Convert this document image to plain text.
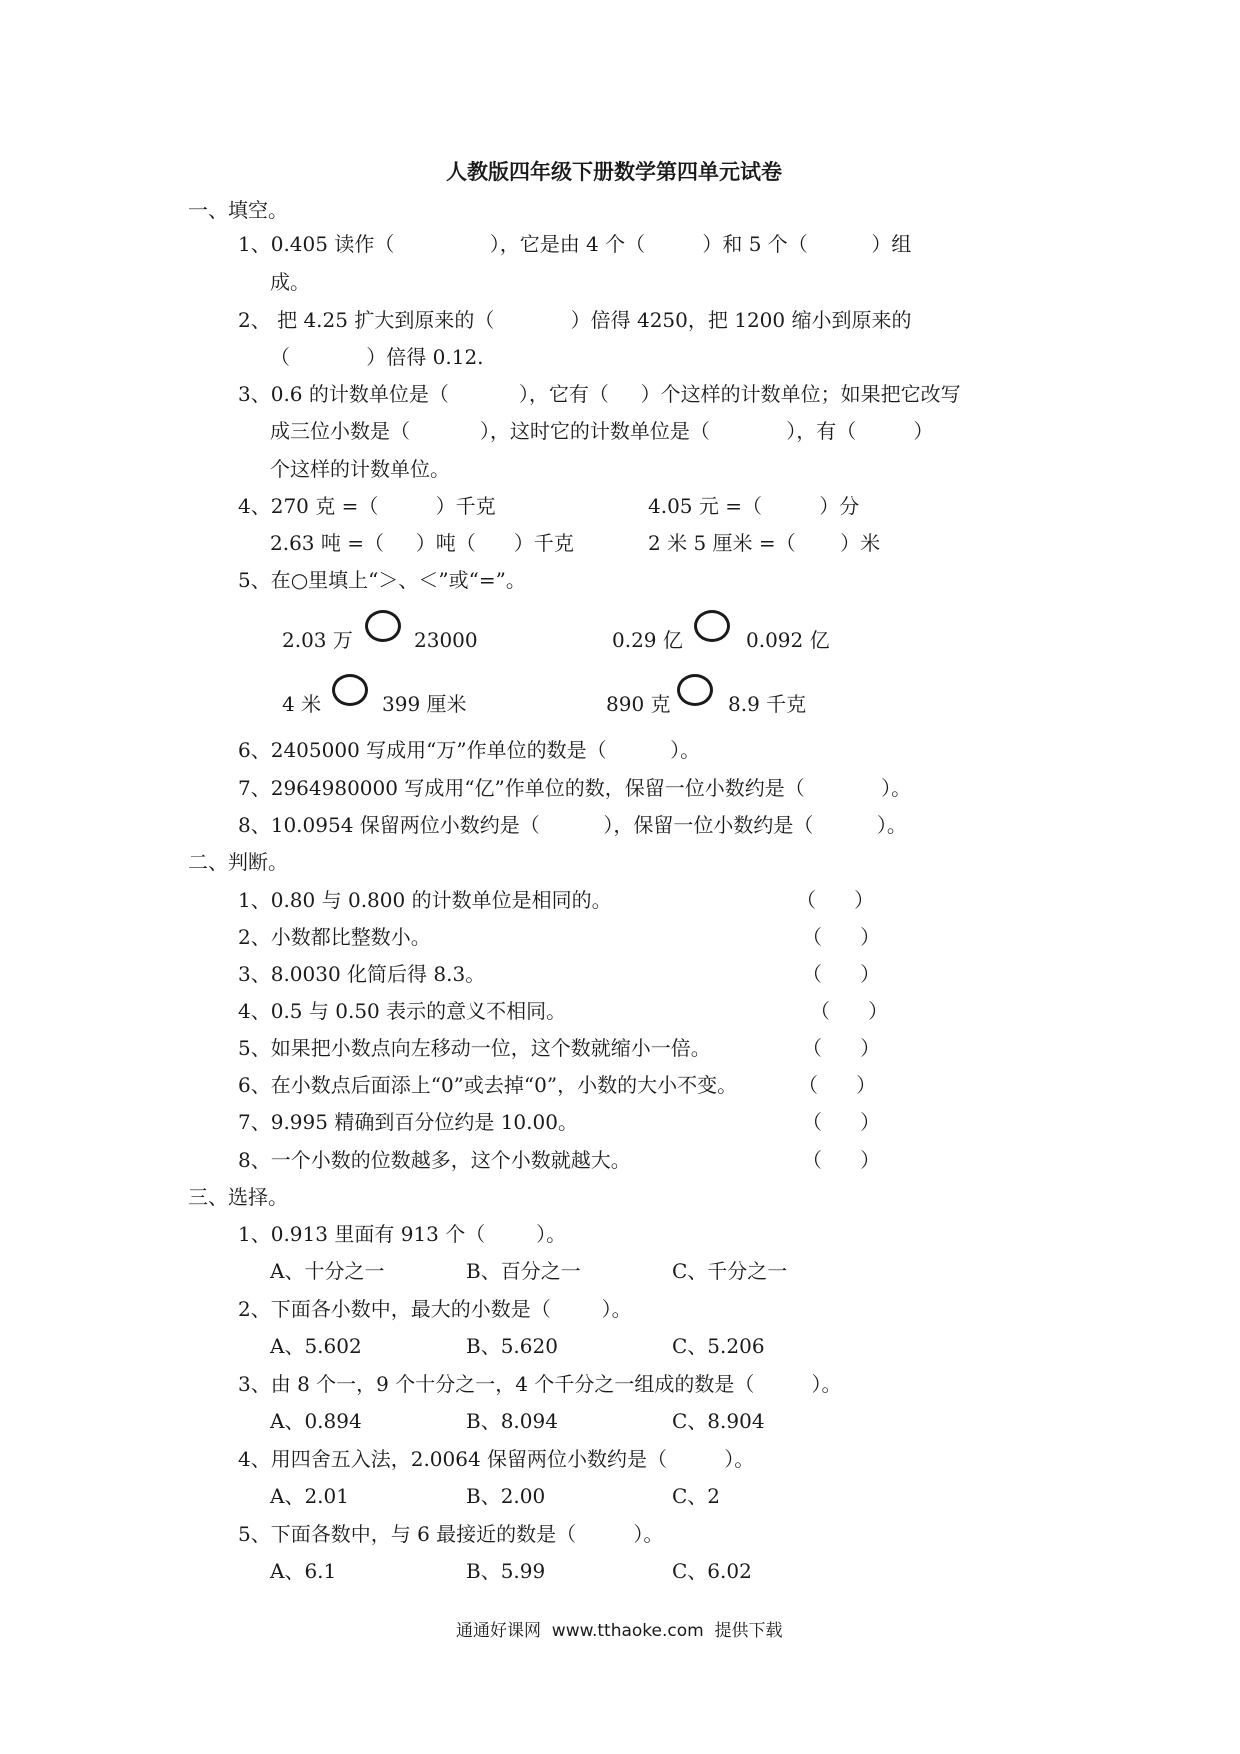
人教版四年级下册数学第四单元试卷
一、填空。
1、0.405 读作（               ），它是由 4 个（         ）和 5 个（          ）组
成。
2、 把 4.25 扩大到原来的（            ）倍得 4250，把 1200 缩小到原来的
（            ）倍得 0.12.
3、0.6 的计数单位是（           ），它有（     ）个这样的计数单位；如果把它改写
成三位小数是（           ），这时它的计数单位是（            ），有（         ）
个这样的计数单位。
4、270 克 =（         ）千克	4.05 元 =（         ）分
2.63 吨 =（     ）吨（      ）千克	2 米 5 厘米 =（       ）米
5、在○里填上“＞、＜”或“=”。
2.03 万	23000	0.29 亿	0.092 亿
4 米	399 厘米	890 克	8.9 千克
6、2405000 写成用“万”作单位的数是（          ）。
7、2964980000 写成用“亿”作单位的数，保留一位小数约是（            ）。
8、10.0954 保留两位小数约是（          ），保留一位小数约是（          ）。
二、判断。
1、0.80 与 0.800 的计数单位是相同的。	（      ）
2、小数都比整数小。	（      ）
3、8.0030 化简后得 8.3。	（      ）
4、0.5 与 0.50 表示的意义不相同。	（      ）
5、如果把小数点向左移动一位，这个数就缩小一倍。	（      ）
6、在小数点后面添上“0”或去掉“0”，小数的大小不变。	（      ）
7、9.995 精确到百分位约是 10.00。	（      ）
8、一个小数的位数越多，这个小数就越大。	（      ）
三、选择。
1、0.913 里面有 913 个（        ）。
A、十分之一	B、百分之一	C、千分之一
2、下面各小数中，最大的小数是（        ）。
A、5.602	B、5.620	C、5.206
3、由 8 个一，9 个十分之一，4 个千分之一组成的数是（         ）。
A、0.894	B、8.094	C、8.904
4、用四舍五入法，2.0064 保留两位小数约是（         ）。
A、2.01	B、2.00	C、2
5、下面各数中，与 6 最接近的数是（         ）。
A、6.1	B、5.99	C、6.02
通通好课网  www.tthaoke.com  提供下载
